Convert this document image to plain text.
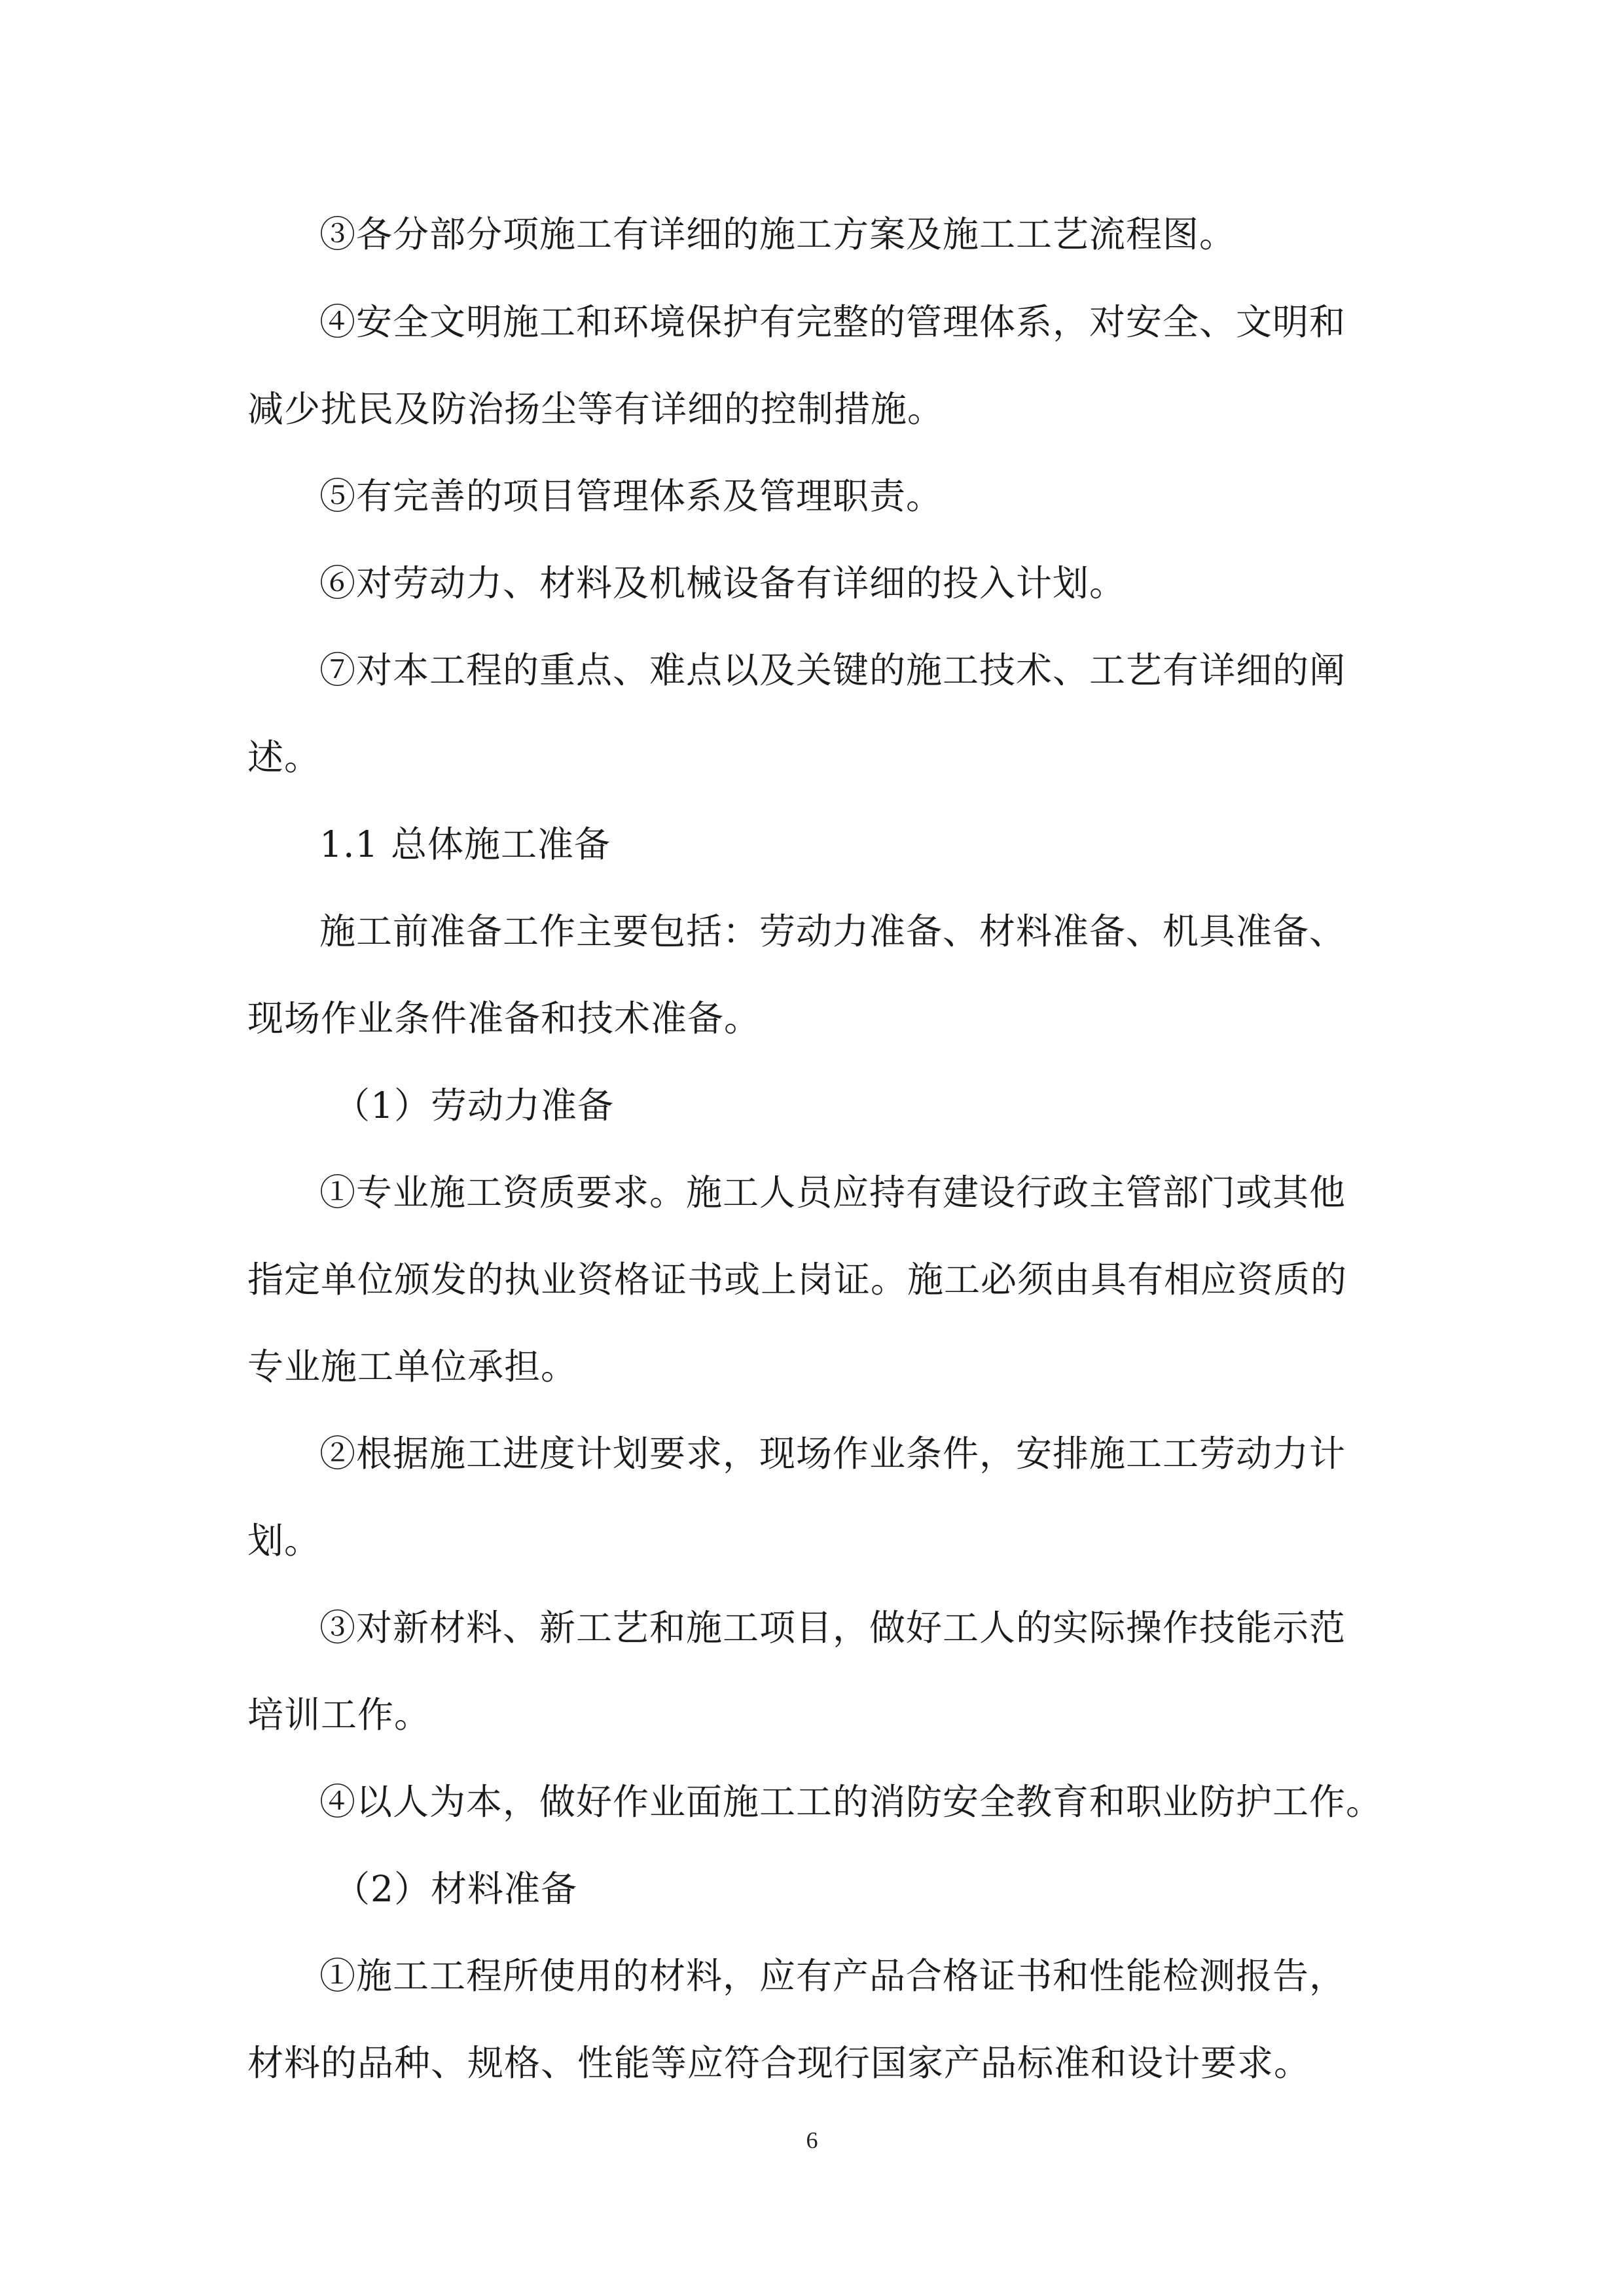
③各分部分项施工有详细的施工方案及施工工艺流程图。
④安全文明施工和环境保护有完整的管理体系，对安全、文明和
减少扰民及防治扬尘等有详细的控制措施。
⑤有完善的项目管理体系及管理职责。
⑥对劳动力、材料及机械设备有详细的投入计划。
⑦对本工程的重点、难点以及关键的施工技术、工艺有详细的阐
述。
1.1 总体施工准备
施工前准备工作主要包括：劳动力准备、材料准备、机具准备、
现场作业条件准备和技术准备。
（1）劳动力准备
①专业施工资质要求。施工人员应持有建设行政主管部门或其他
指定单位颁发的执业资格证书或上岗证。施工必须由具有相应资质的
专业施工单位承担。
②根据施工进度计划要求，现场作业条件，安排施工工劳动力计
划。
③对新材料、新工艺和施工项目，做好工人的实际操作技能示范
培训工作。
④以人为本，做好作业面施工工的消防安全教育和职业防护工作。
（2）材料准备
①施工工程所使用的材料，应有产品合格证书和性能检测报告，
材料的品种、规格、性能等应符合现行国家产品标准和设计要求。
6
